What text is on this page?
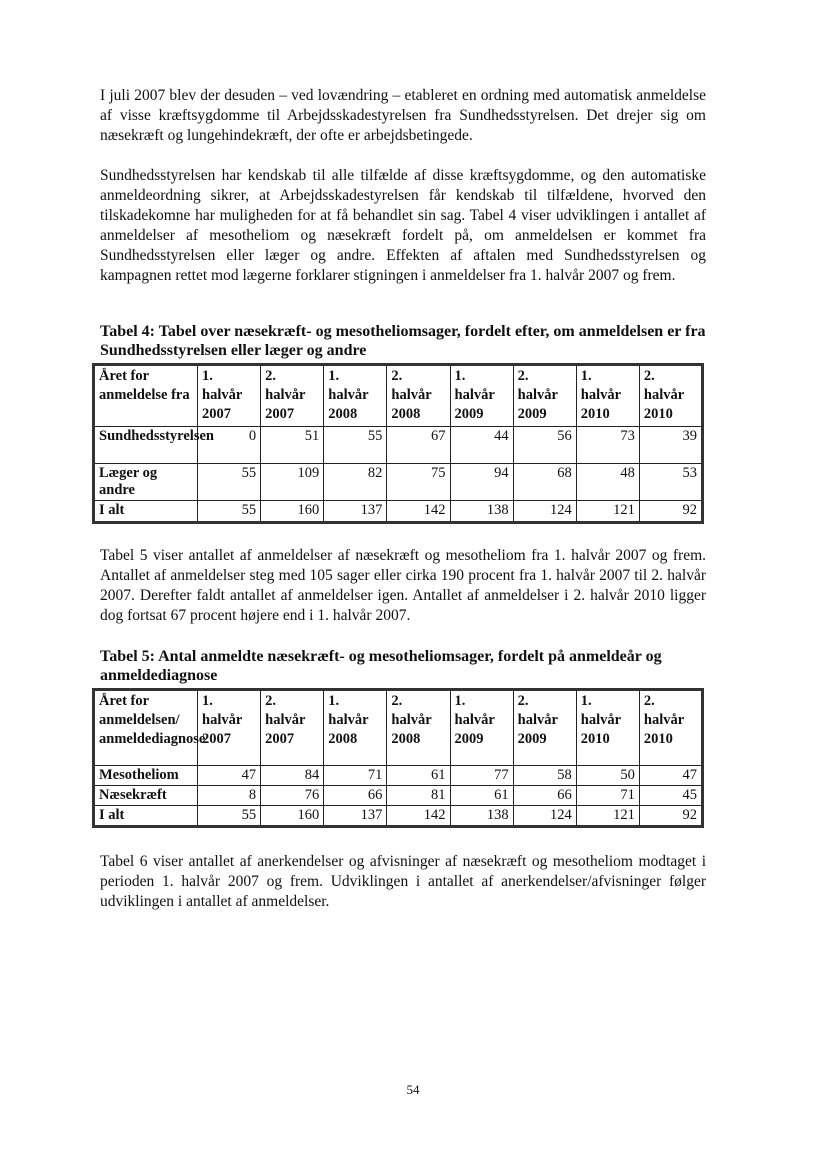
I juli 2007 blev der desuden – ved lovændring – etableret en ordning med automatisk anmeldelse af visse kræftsygdomme til Arbejdsskadestyrelsen fra Sundhedsstyrelsen. Det drejer sig om næsekræft og lungehindekræft, der ofte er arbejdsbetingede.

Sundhedsstyrelsen har kendskab til alle tilfælde af disse kræftsygdomme, og den automatiske anmeldeordning sikrer, at Arbejdsskadestyrelsen får kendskab til tilfældene, hvorved den tilskadekomne har muligheden for at få behandlet sin sag. Tabel 4 viser udviklingen i antallet af anmeldelser af mesotheliom og næsekræft fordelt på, om anmeldelsen er kommet fra Sundhedsstyrelsen eller læger og andre. Effekten af aftalen med Sundhedsstyrelsen og kampagnen rettet mod lægerne forklarer stigningen i anmeldelser fra 1. halvår 2007 og frem.

Tabel 4: Tabel over næsekræft- og mesotheliomsager, fordelt efter, om anmeldelsen er fra Sundhedsstyrelsen eller læger og andre

Året for anmeldelse fra	1. halvår 2007	2. halvår 2007	1. halvår 2008	2. halvår 2008	1. halvår 2009	2. halvår 2009	1. halvår 2010	2. halvår 2010
Sundhedsstyrelsen	0	51	55	67	44	56	73	39
Læger og andre	55	109	82	75	94	68	48	53
I alt	55	160	137	142	138	124	121	92

Tabel 5 viser antallet af anmeldelser af næsekræft og mesotheliom fra 1. halvår 2007 og frem. Antallet af anmeldelser steg med 105 sager eller cirka 190 procent fra 1. halvår 2007 til 2. halvår 2007. Derefter faldt antallet af anmeldelser igen. Antallet af anmeldelser i 2. halvår 2010 ligger dog fortsat 67 procent højere end i 1. halvår 2007.

Tabel 5: Antal anmeldte næsekræft- og mesotheliomsager, fordelt på anmeldeår og anmeldediagnose

Året for anmeldelsen/ anmeldediagnose	1. halvår 2007	2. halvår 2007	1. halvår 2008	2. halvår 2008	1. halvår 2009	2. halvår 2009	1. halvår 2010	2. halvår 2010
Mesotheliom	47	84	71	61	77	58	50	47
Næsekræft	8	76	66	81	61	66	71	45
I alt	55	160	137	142	138	124	121	92

Tabel 6 viser antallet af anerkendelser og afvisninger af næsekræft og mesotheliom modtaget i perioden 1. halvår 2007 og frem. Udviklingen i antallet af anerkendelser/afvisninger følger udviklingen i antallet af anmeldelser.

54
